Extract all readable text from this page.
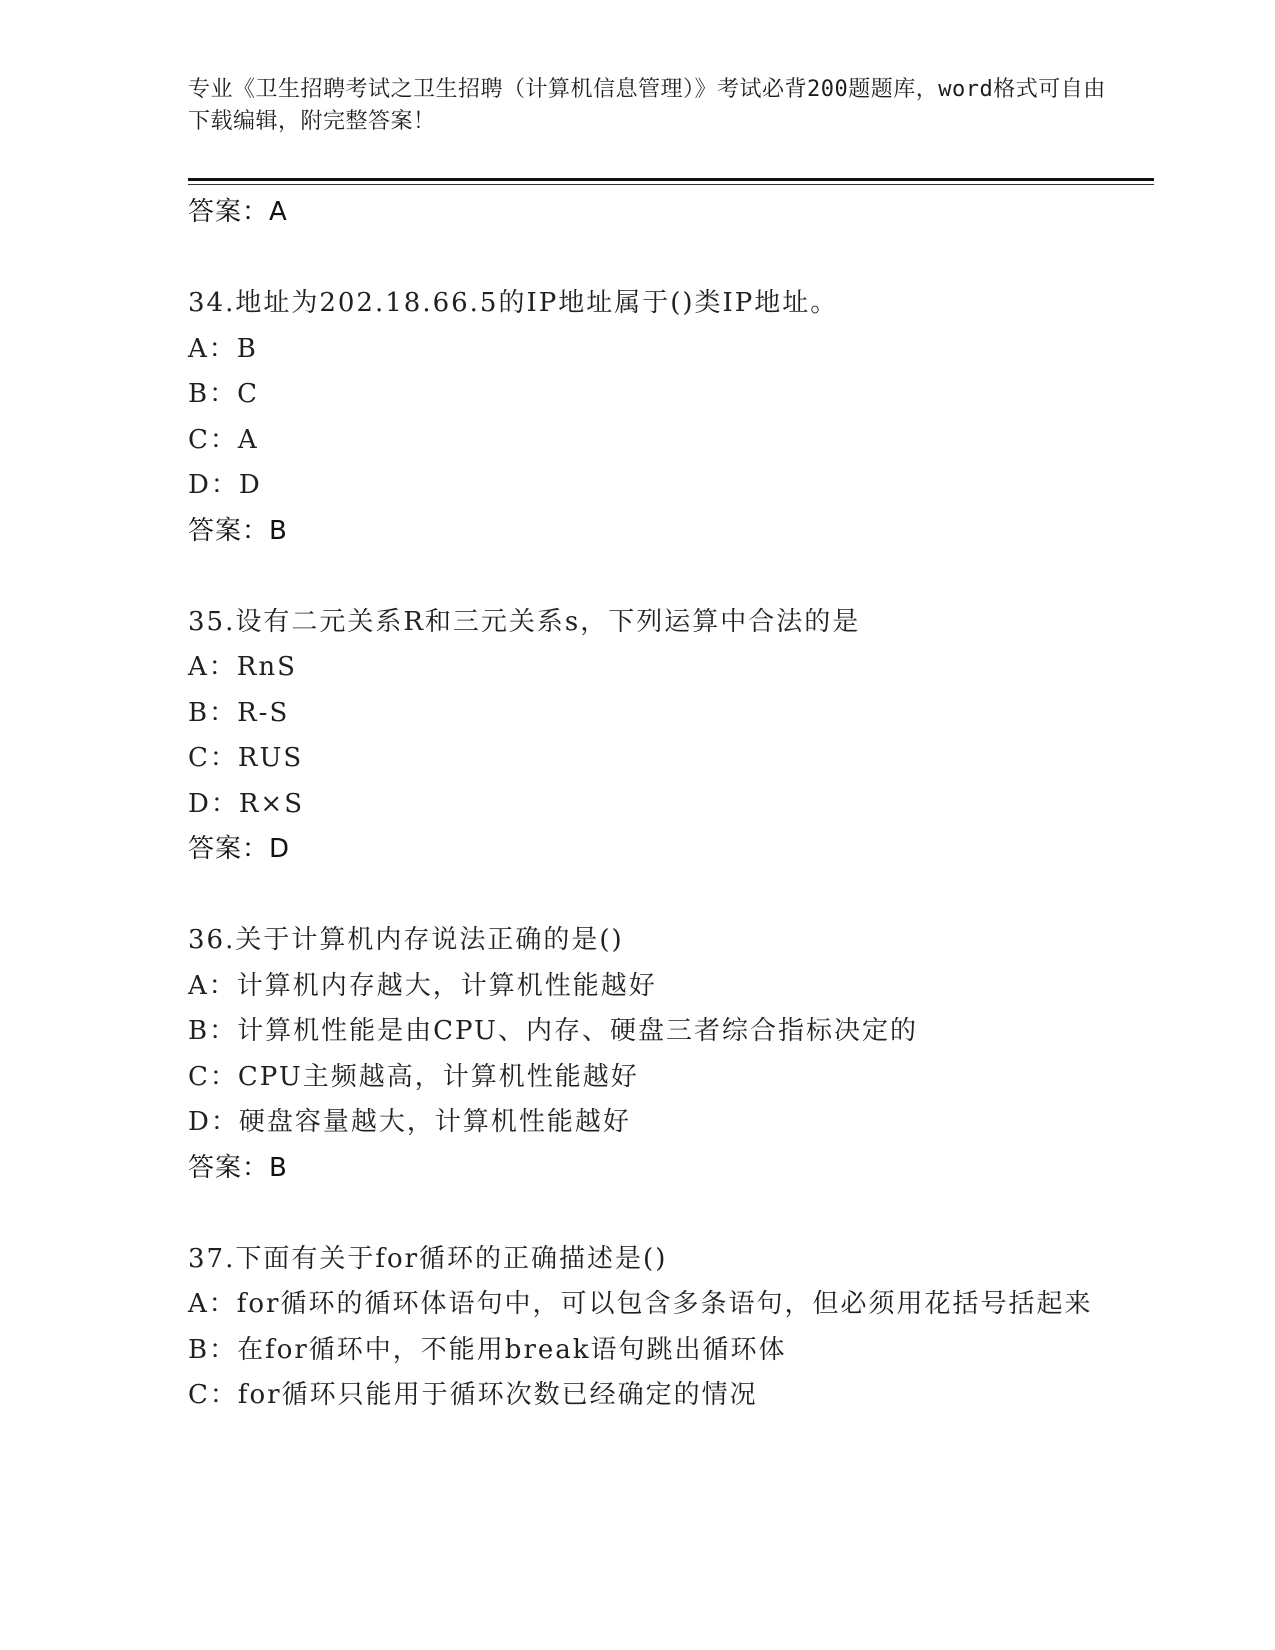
专业《卫生招聘考试之卫生招聘（计算机信息管理）》考试必背200题题库，word格式可自由下载编辑，附完整答案！
答案：A
34.地址为202.18.66.5的IP地址属于()类IP地址。
A：B
B：C
C：A
D：D
答案：B
35.设有二元关系R和三元关系s，下列运算中合法的是
A：RnS
B：R-S
C：RUS
D：R×S
答案：D
36.关于计算机内存说法正确的是()
A：计算机内存越大，计算机性能越好
B：计算机性能是由CPU、内存、硬盘三者综合指标决定的
C：CPU主频越高，计算机性能越好
D：硬盘容量越大，计算机性能越好
答案：B
37.下面有关于for循环的正确描述是()
A：for循环的循环体语句中，可以包含多条语句，但必须用花括号括起来
B：在for循环中，不能用break语句跳出循环体
C：for循环只能用于循环次数已经确定的情况
